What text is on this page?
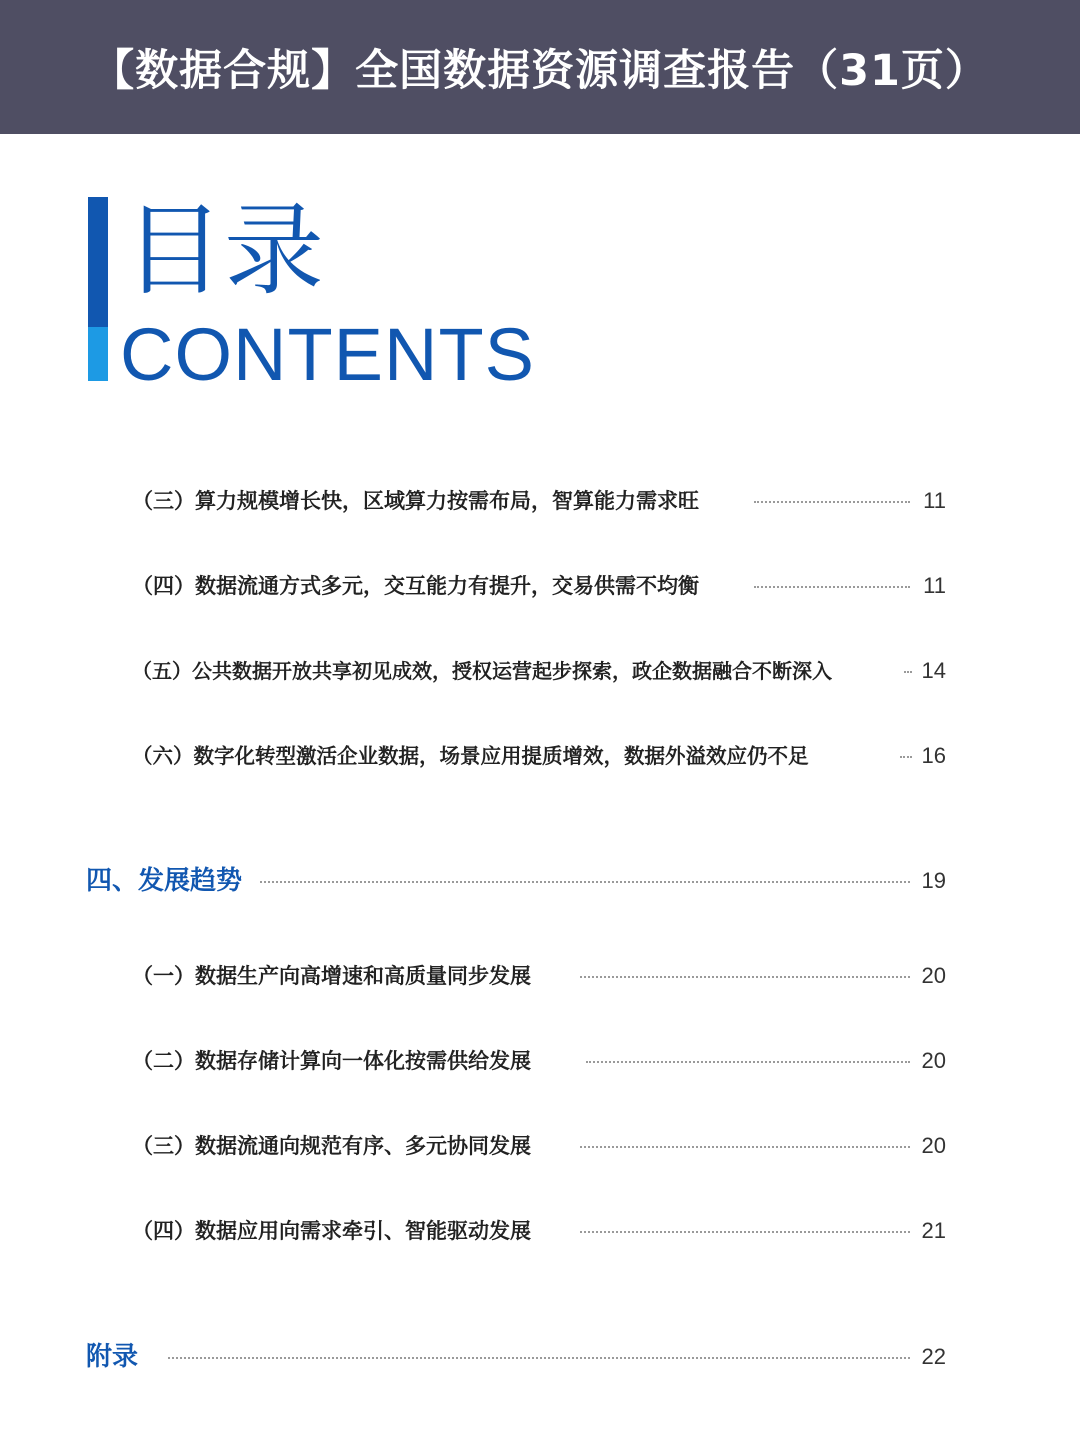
【数据合规】全国数据资源调查报告（31页）
目录
CONTENTS
（三）算力规模增长快，区域算力按需布局，智算能力需求旺	11
（四）数据流通方式多元，交互能力有提升，交易供需不均衡	11
（五）公共数据开放共享初见成效，授权运营起步探索，政企数据融合不断深入	14
（六）数字化转型激活企业数据，场景应用提质增效，数据外溢效应仍不足	16
四、发展趋势	19
（一）数据生产向高增速和高质量同步发展	20
（二）数据存储计算向一体化按需供给发展	20
（三）数据流通向规范有序、多元协同发展	20
（四）数据应用向需求牵引、智能驱动发展	21
附录	22
